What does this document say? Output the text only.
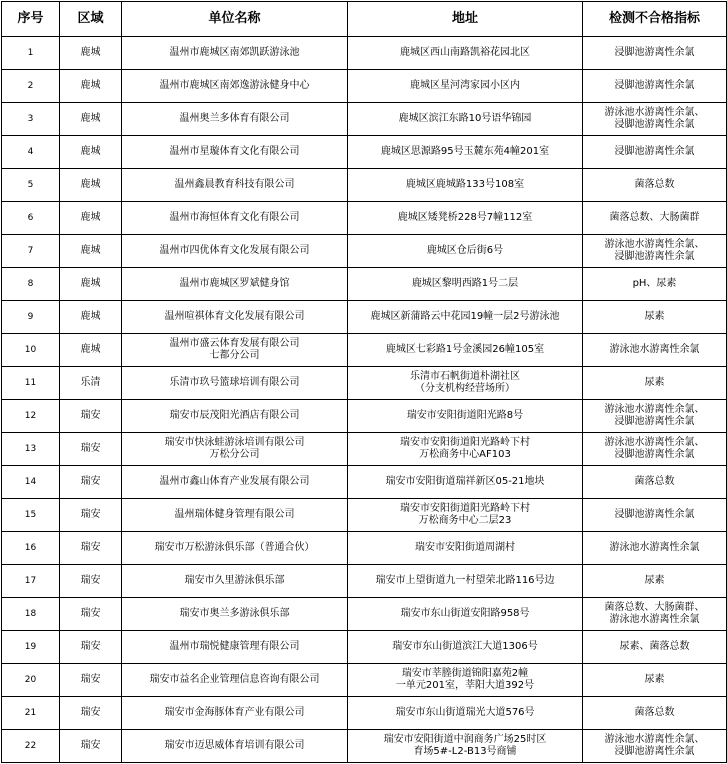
序号	区域	单位名称	地址	检测不合格指标
1	鹿城	温州市鹿城区南郊凯跃游泳池	鹿城区西山南路凯裕花园北区	浸脚池游离性余氯
2	鹿城	温州市鹿城区南郊逸游泳健身中心	鹿城区星河湾家园小区内	浸脚池游离性余氯
3	鹿城	温州奥兰多体育有限公司	鹿城区滨江东路10号语华锦园	游泳池水游离性余氯、
浸脚池游离性余氯
4	鹿城	温州市星璇体育文化有限公司	鹿城区思源路95号玉麓东苑4幢201室	浸脚池游离性余氯
5	鹿城	温州鑫晨教育科技有限公司	鹿城区鹿城路133号108室	菌落总数
6	鹿城	温州市海恒体育文化有限公司	鹿城区矮凳桥228号7幢112室	菌落总数、大肠菌群
7	鹿城	温州市四优体育文化发展有限公司	鹿城区仓后街6号	游泳池水游离性余氯、
浸脚池游离性余氯
8	鹿城	温州市鹿城区罗斌健身馆	鹿城区黎明西路1号二层	pH、尿素
9	鹿城	温州喧祺体育文化发展有限公司	鹿城区新蒲路云中花园19幢一层2号游泳池	尿素
10	鹿城	温州市盛云体育发展有限公司
七都分公司	鹿城区七彩路1号金溪园26幢105室	游泳池水游离性余氯
11	乐清	乐清市玖号篮球培训有限公司	乐清市石帆街道朴湖社区
（分支机构经营场所）	尿素
12	瑞安	瑞安市辰茂阳光酒店有限公司	瑞安市安阳街道阳光路8号	游泳池水游离性余氯、
浸脚池游离性余氯
13	瑞安	瑞安市快泳蛙游泳培训有限公司
万松分公司	瑞安市安阳街道阳光路岭下村
万松商务中心AF103	游泳池水游离性余氯、
浸脚池游离性余氯
14	瑞安	温州市鑫山体育产业发展有限公司	瑞安市安阳街道瑞祥新区05-21地块	菌落总数
15	瑞安	温州瑞体健身管理有限公司	瑞安市安阳街道阳光路岭下村
万松商务中心二层23	浸脚池游离性余氯
16	瑞安	瑞安市万松游泳俱乐部（普通合伙）	瑞安市安阳街道周湖村	游泳池水游离性余氯
17	瑞安	瑞安市久里游泳俱乐部	瑞安市上望街道九一村望荣北路116号边	尿素
18	瑞安	瑞安市奥兰多游泳俱乐部	瑞安市东山街道安阳路958号	菌落总数、大肠菌群、
游泳池水游离性余氯
19	瑞安	温州市瑞悦健康管理有限公司	瑞安市东山街道滨江大道1306号	尿素、菌落总数
20	瑞安	瑞安市益名企业管理信息咨询有限公司	瑞安市莘塍街道锦阳嘉苑2幢
一单元201室，莘阳大道392号	尿素
21	瑞安	瑞安市金海豚体育产业有限公司	瑞安市东山街道瑞光大道576号	菌落总数
22	瑞安	瑞安市迈思威体育培训有限公司	瑞安市安阳街道中润商务广场25时区
育场5#-L2-B13号商铺	游泳池水游离性余氯、
浸脚池游离性余氯
